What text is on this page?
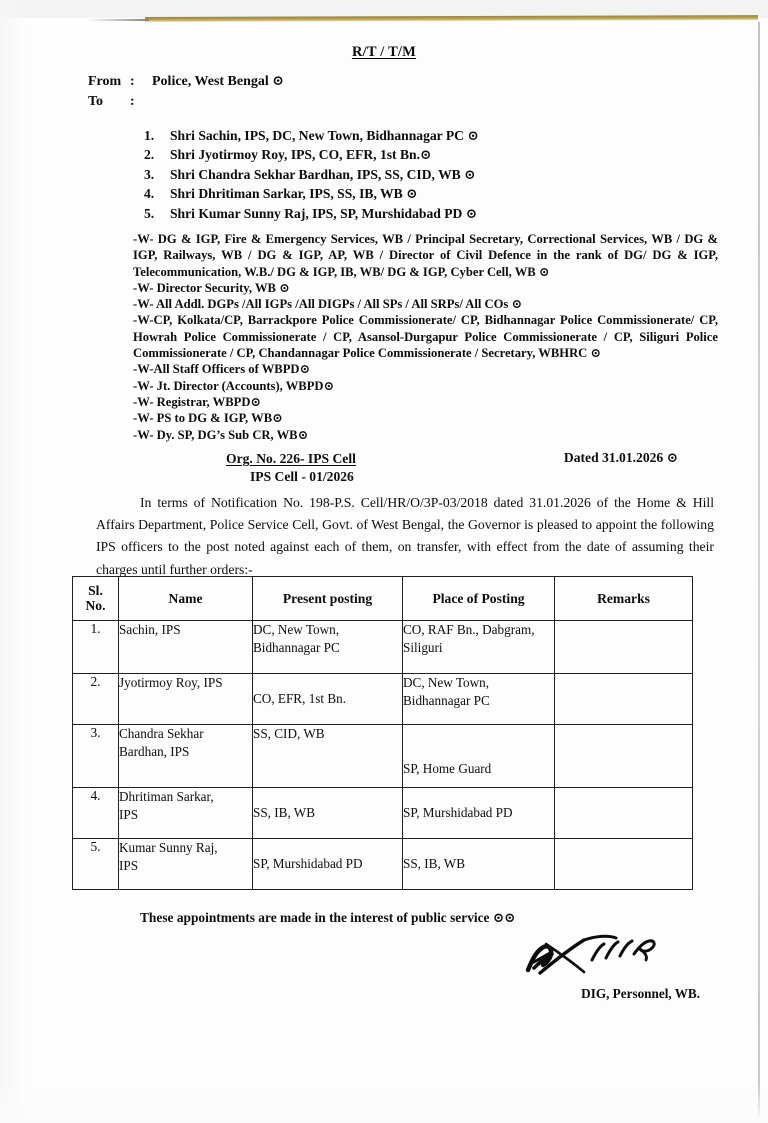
R/T / T/M
From :	Police, West Bengal ⊙
To	:
1.	Shri Sachin, IPS, DC, New Town, Bidhannagar PC ⊙
2.	Shri Jyotirmoy Roy, IPS, CO, EFR, 1st Bn.⊙
3.	Shri Chandra Sekhar Bardhan, IPS, SS, CID, WB ⊙
4.	Shri Dhritiman Sarkar, IPS, SS, IB, WB ⊙
5.	Shri Kumar Sunny Raj, IPS, SP, Murshidabad PD ⊙
-W- DG & IGP, Fire & Emergency Services, WB / Principal Secretary, Correctional Services, WB / DG & IGP, Railways, WB / DG & IGP, AP, WB / Director of Civil Defence in the rank of DG/ DG & IGP, Telecommunication, W.B./ DG & IGP, IB, WB/ DG & IGP, Cyber Cell, WB ⊙
-W- Director Security, WB ⊙
-W- All Addl. DGPs /All IGPs /All DIGPs / All SPs / All SRPs/ All COs ⊙
-W-CP, Kolkata/CP, Barrackpore Police Commissionerate/ CP, Bidhannagar Police Commissionerate/ CP, Howrah Police Commissionerate / CP, Asansol-Durgapur Police Commissionerate / CP, Siliguri Police Commissionerate / CP, Chandannagar Police Commissionerate / Secretary, WBHRC ⊙
-W-All Staff Officers of WBPD⊙
-W- Jt. Director (Accounts), WBPD⊙
-W- Registrar, WBPD⊙
-W- PS to DG & IGP, WB⊙
-W- Dy. SP, DG’s Sub CR, WB⊙
Org. No. 226- IPS Cell
IPS Cell - 01/2026
Dated 31.01.2026 ⊙
In terms of Notification No. 198-P.S. Cell/HR/O/3P-03/2018 dated 31.01.2026 of the Home & Hill Affairs Department, Police Service Cell, Govt. of West Bengal, the Governor is pleased to appoint the following IPS officers to the post noted against each of them, on transfer, with effect from the date of assuming their charges until further orders:-
Sl.
No.	Name	Present posting	Place of Posting	Remarks
1.	Sachin, IPS	DC, New Town, Bidhannagar PC	CO, RAF Bn., Dabgram, Siliguri	
2.	Jyotirmoy Roy, IPS	CO, EFR, 1st Bn.	DC, New Town, Bidhannagar PC	
3.	Chandra Sekhar
Bardhan, IPS	SS, CID, WB	SP, Home Guard	
4.	Dhritiman Sarkar,
IPS	SS, IB, WB	SP, Murshidabad PD	
5.	Kumar Sunny Raj,
IPS	SP, Murshidabad PD	SS, IB, WB	
These appointments are made in the interest of public service ⊙⊙
DIG, Personnel, WB.
